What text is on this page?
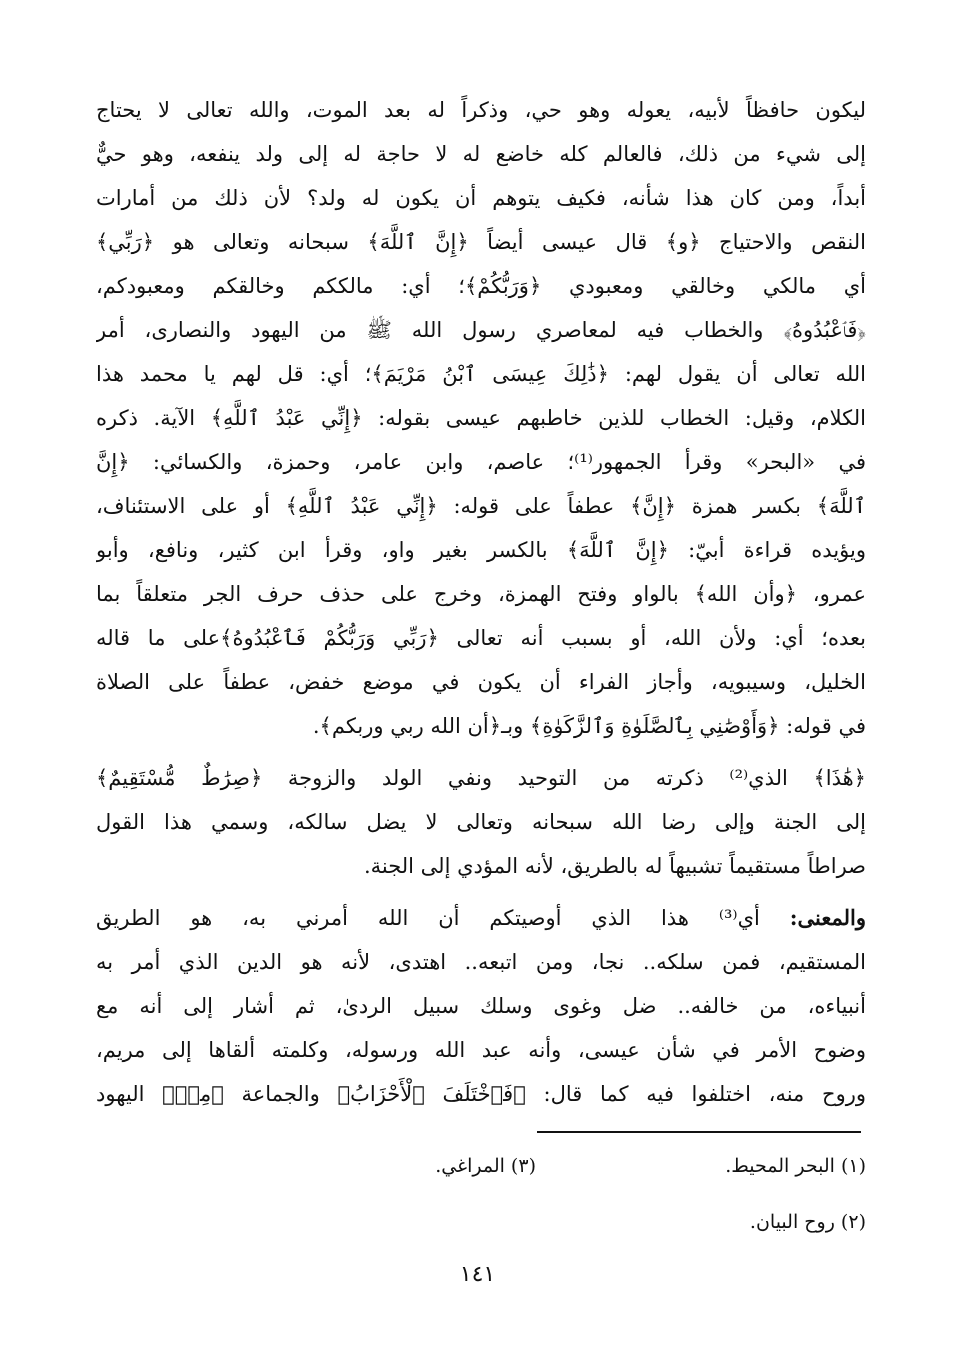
ليكون حافظاً لأبيه، يعوله وهو حي، وذكراً له بعد الموت، والله تعالى لا يحتاج
إلى شيء من ذلك، فالعالم كله خاضع له لا حاجة له إلى ولد ينفعه، وهو حيٌّ
أبداً، ومن كان هذا شأنه، فكيف يتوهم أن يكون له ولد؟ لأن ذلك من أمارات
النقص والاحتياج ﴿و﴾ قال عيسى أيضاً ﴿إِنَّ ٱللَّهَ﴾ سبحانه وتعالى هو ﴿رَبِّي﴾
أي مالكي وخالقي ومعبودي ﴿وَرَبُّكُمْ﴾؛ أي: مالككم وخالقكم ومعبودكم،
﴿فَٱعْبُدُوهُ﴾ والخطاب فيه لمعاصري رسول الله ﷺ من اليهود والنصارى، أمر
الله تعالى أن يقول لهم: ﴿ذَٰلِكَ عِيسَى ٱبْنُ مَرْيَمَ﴾؛ أي: قل لهم يا محمد هذا
الكلام، وقيل: الخطاب للذين خاطبهم عيسى بقوله: ﴿إِنِّي عَبْدُ ٱللَّهِ﴾ الآية. ذكره
في «البحر» وقرأ الجمهور⁽¹⁾؛ عاصم، وابن عامر، وحمزة، والكسائي: ﴿إِنَّ
ٱللَّهَ﴾ بكسر همزة ﴿إِنَّ﴾ عطفاً على قوله: ﴿إِنِّي عَبْدُ ٱللَّهِ﴾ أو على الاستئناف،
ويؤيده قراءة أبيّ: ﴿إِنَّ ٱللَّهَ﴾ بالكسر بغير واو، وقرأ ابن كثير، ونافع، وأبو
عمرو، ﴿وأن الله﴾ بالواو وفتح الهمزة، وخرج على حذف حرف الجر متعلقاً بما
بعده؛ أي: ولأن الله، أو بسبب أنه تعالى ﴿رَبِّي وَرَبُّكُمْ فَٱعْبُدُوهُ﴾على ما قاله
الخليل، وسيبويه، وأجاز الفراء أن يكون في موضع خفض، عطفاً على الصلاة
في قوله: ﴿وَأَوْصَٰنِي بِٱلصَّلَوٰةِ وَٱلزَّكَوٰةِ﴾ وبـ﴿أن الله ربي وربكم﴾.
﴿هَٰذَا﴾ الذي⁽²⁾ ذكرته من التوحيد ونفي الولد والزوجة ﴿صِرَٰطٌ مُّسْتَقِيمٌ﴾
إلى الجنة وإلى رضا الله سبحانه وتعالى لا يضل سالكه، وسمي هذا القول
صراطاً مستقيماً تشبيهاً له بالطريق، لأنه المؤدي إلى الجنة.
والمعنى: أي⁽³⁾ هذا الذي أوصيتكم أن الله أمرني به، هو الطريق
المستقيم، فمن سلكه.. نجا، ومن اتبعه.. اهتدى، لأنه هو الدين الذي أمر به
أنبياءه، من خالفه.. ضل وغوى وسلك سبيل الردىٰ، ثم أشار إلى أنه مع
وضوح الأمر في شأن عيسى، وأنه عبد الله ورسوله، وكلمته ألقاها إلى مريم،
وروح منه، اختلفوا فيه كما قال: ﴿فَٱخْتَلَفَ ٱلْأَحْزَابُ﴾ والجماعة ﴿مِنۢ﴾ اليهود
(١) البحر المحيط.
(٣) المراغي.
(٢) روح البيان.
١٤١
